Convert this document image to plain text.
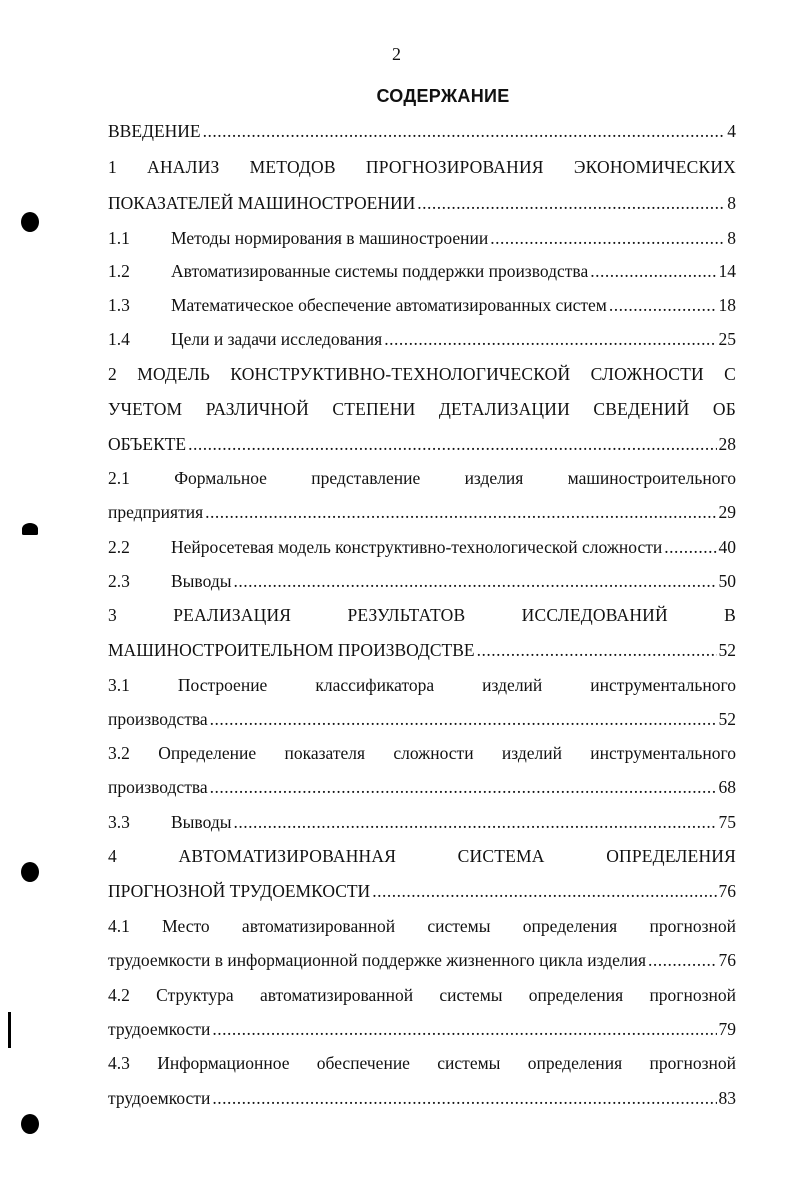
2
СОДЕРЖАНИЕ
ВВЕДЕНИЕ .....	4
1 АНАЛИЗ МЕТОДОВ ПРОГНОЗИРОВАНИЯ ЭКОНОМИЧЕСКИХ
ПОКАЗАТЕЛЕЙ МАШИНОСТРОЕНИИ .....	8
1.1 Методы нормирования в машиностроении .....	8
1.2 Автоматизированные системы поддержки производства .....	14
1.3 Математическое обеспечение автоматизированных систем .....	18
1.4 Цели и задачи исследования .....	25
2 МОДЕЛЬ КОНСТРУКТИВНО-ТЕХНОЛОГИЧЕСКОЙ СЛОЖНОСТИ С
УЧЕТОМ РАЗЛИЧНОЙ СТЕПЕНИ ДЕТАЛИЗАЦИИ СВЕДЕНИЙ ОБ
ОБЪЕКТЕ .....	28
2.1	Формальное представление изделия машиностроительного
предприятия .....	29
2.2 Нейросетевая модель конструктивно-технологической сложности .....	40
2.3 Выводы .....	50
3	РЕАЛИЗАЦИЯ РЕЗУЛЬТАТОВ ИССЛЕДОВАНИЙ В
МАШИНОСТРОИТЕЛЬНОМ ПРОИЗВОДСТВЕ .....	52
3.1	Построение классификатора изделий инструментального
производства .....	52
3.2 Определение показателя сложности изделий инструментального
производства .....	68
3.3 Выводы .....	75
4	АВТОМАТИЗИРОВАННАЯ СИСТЕМА ОПРЕДЕЛЕНИЯ
ПРОГНОЗНОЙ ТРУДОЕМКОСТИ .....	76
4.1 Место автоматизированной системы определения прогнозной
трудоемкости в информационной поддержке жизненного цикла изделия .....	76
4.2 Структура автоматизированной системы определения прогнозной
трудоемкости .....	79
4.3 Информационное обеспечение системы определения прогнозной
трудоемкости .....	83
